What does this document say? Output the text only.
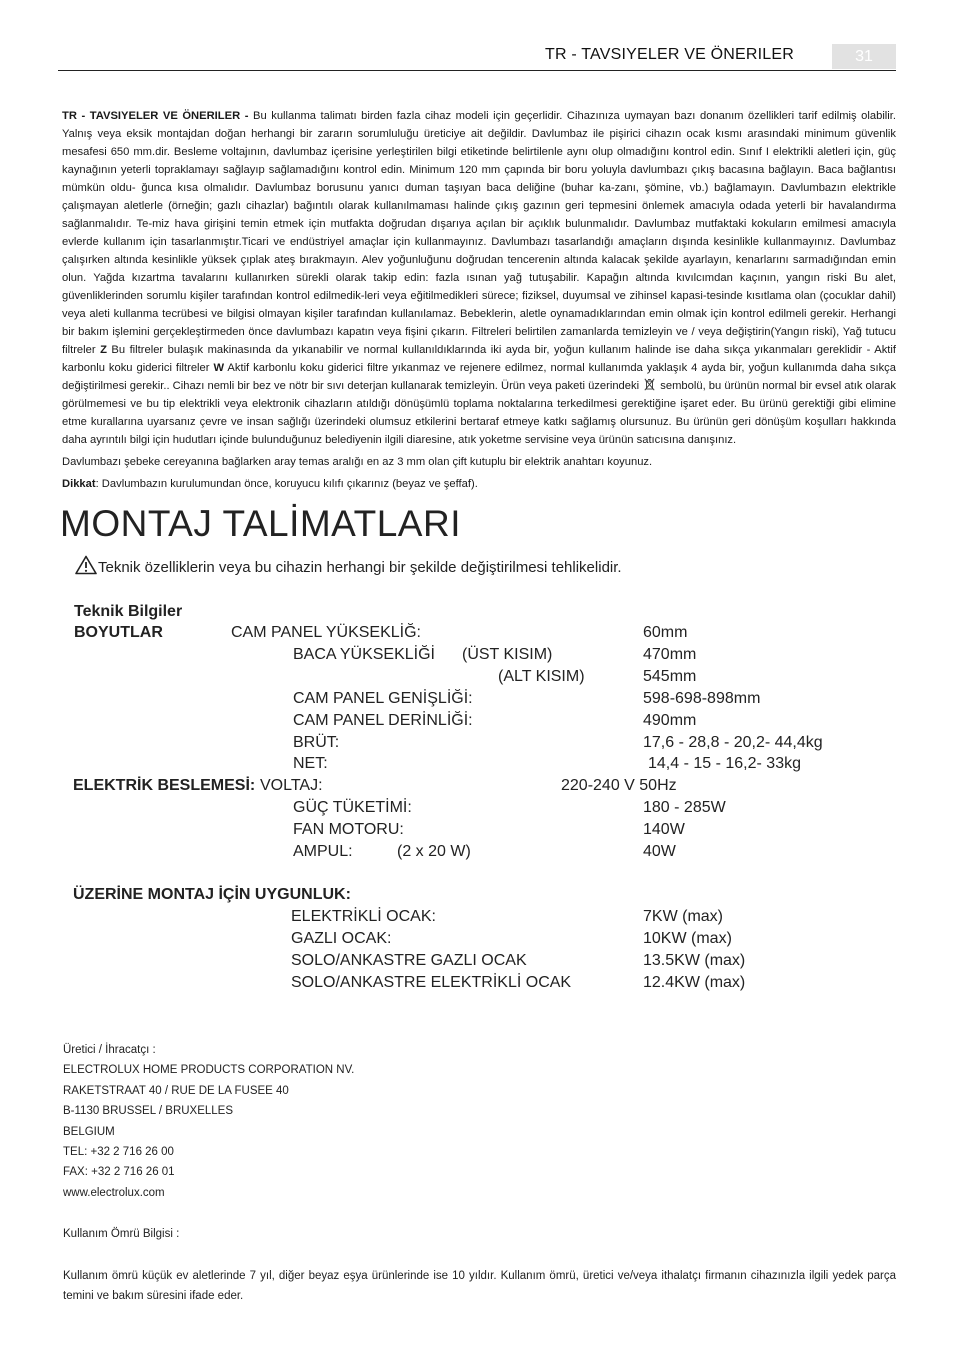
TR - TAVSIYELER VE ÖNERILER	31

TR - TAVSIYELER VE ÖNERILER - Bu kullanma talimatı birden fazla cihaz modeli için geçerlidir. Cihazınıza uymayan bazı donanım özellikleri tarif edilmiş olabilir. Yalnış veya eksik montajdan doğan herhangi bir zararın sorumluluğu üreticiye ait değildir. Davlumbaz ile pişirici cihazın ocak kısmı arasındaki minimum güvenlik mesafesi 650 mm.dir. Besleme voltajının, davlumbaz içerisine yerleştirilen bilgi etiketinde belirtilenle aynı olup olmadığını kontrol edin. Sınıf I elektrikli aletleri için, güç kaynağının yeterli topraklamayı sağlayıp sağlamadığını kontrol edin. Minimum 120 mm çapında bir boru yoluyla davlumbazı çıkış bacasına bağlayın. Baca bağlantısı mümkün oldu- ğunca kısa olmalıdır. Davlumbaz borusunu yanıcı duman taşıyan baca deliğine (buhar ka-zanı, şömine, vb.) bağlamayın. Davlumbazın elektrikle çalışmayan aletlerle (örneğin; gazlı cihazlar) bağıntılı olarak kullanılmaması halinde çıkış gazının geri tepmesini önlemek amacıyla odada yeterli bir havalandırma sağlanmalıdır. Te-miz hava girişini temin etmek için mutfakta doğrudan dışarıya açılan bir açıklık bulunmalıdır. Davlumbaz mutfaktaki kokuların emilmesi amacıyla evlerde kullanım için tasarlanmıştır.Ticari ve endüstriyel amaçlar için kullanmayınız. Davlumbazı tasarlandığı amaçların dışında kesinlikle kullanmayınız. Davlumbaz çalışırken altında kesinlikle yüksek çıplak ateş bırakmayın. Alev yoğunluğunu doğrudan tencerenin altında kalacak şekilde ayarlayın, kenarlarını sarmadığından emin olun. Yağda kızartma tavalarını kullanırken sürekli olarak takip edin: fazla ısınan yağ tutuşabilir. Kapağın altında kıvılcımdan kaçının, yangın riski Bu alet, güvenliklerinden sorumlu kişiler tarafından kontrol edilmedik-leri veya eğitilmedikleri sürece; fiziksel, duyumsal ve zihinsel kapasi-tesinde kısıtlama olan (çocuklar dahil) veya aleti kullanma tecrübesi ve bilgisi olmayan kişiler tarafından kullanılamaz. Bebeklerin, aletle oynamadıklarından emin olmak için kontrol edilmeli gerekir. Herhangi bir bakım işlemini gerçekleştirmeden önce davlumbazı kapatın veya fişini çıkarın. Filtreleri belirtilen zamanlarda temizleyin ve / veya değiştirin(Yangın riski), Yağ tutucu filtreler Z Bu filtreler bulaşık makinasında da yıkanabilir ve normal kullanıldıklarında iki ayda bir, yoğun kullanım halinde ise daha sıkça yıkanmaları gereklidir - Aktif karbonlu koku giderici filtreler W Aktif karbonlu koku giderici filtre yıkanmaz ve rejenere edilmez, normal kullanımda yaklaşık 4 ayda bir, yoğun kullanımda daha sıkça değiştirilmesi gerekir.. Cihazı nemli bir bez ve nötr bir sıvı deterjan kullanarak temizleyin. Ürün veya paketi üzerindeki  sembolü, bu ürünün normal bir evsel atık olarak görülmemesi ve bu tip elektrikli veya elektronik cihazların atıldığı dönüşümlü toplama noktalarına terkedilmesi gerektiğine işaret eder. Bu ürünü gerektiği gibi elimine etme kurallarına uyarsanız çevre ve insan sağlığı üzerindeki olumsuz etkilerini bertaraf etmeye katkı sağlamış olursunuz. Bu ürünün geri dönüşüm koşulları hakkında daha ayrıntılı bilgi için hudutları içinde bulunduğunuz belediyenin ilgili diaresine, atık yoketme servisine veya ürünün satıcısına danışınız.

Davlumbazı şebeke cereyanına bağlarken aray temas aralığı en az 3 mm olan çift kutuplu bir elektrik anahtarı koyunuz.

Dikkat: Davlumbazın kurulumundan önce, koruyucu kılıfı çıkarınız (beyaz ve şeffaf).

MONTAJ TALİMATLARI
Teknik özelliklerin veya bu cihazin herhangi bir şekilde değiştirilmesi tehlikelidir.
Teknik Bilgiler
BOYUTLAR	CAM PANEL YÜKSEKLİĞ:	60mm
BACA YÜKSEKLİĞİ (ÜST KISIM)	470mm
(ALT KISIM)	545mm
CAM PANEL GENİŞLİĞİ:	598-698-898mm
CAM PANEL DERİNLİĞİ:	490mm
BRÜT:	17,6 - 28,8 - 20,2- 44,4kg
NET:	14,4 - 15 - 16,2- 33kg
ELEKTRİK BESLEMESİ: VOLTAJ:	220-240 V 50Hz
GÜÇ TÜKETİMİ:	180 - 285W
FAN MOTORU:	140W
AMPUL:	(2 x 20 W)	40W
ÜZERİNE MONTAJ İÇİN UYGUNLUK:
ELEKTRİKLİ OCAK:	7KW (max)
GAZLI OCAK:	10KW (max)
SOLO/ANKASTRE GAZLI OCAK	13.5KW (max)
SOLO/ANKASTRE ELEKTRİKLİ OCAK	12.4KW (max)
Üretici / İhracatçı :
ELECTROLUX HOME PRODUCTS CORPORATION NV.
RAKETSTRAAT 40 / RUE DE LA FUSEE 40
B-1130 BRUSSEL / BRUXELLES
BELGIUM
TEL: +32 2 716 26 00
FAX: +32 2 716 26 01
www.electrolux.com
Kullanım Ömrü Bilgisi :
Kullanım ömrü küçük ev aletlerinde 7 yıl, diğer beyaz eşya ürünlerinde ise 10 yıldır. Kullanım ömrü, üretici ve/veya ithalatçı firmanın cihazınızla ilgili yedek parça temini ve bakım süresini ifade eder.
